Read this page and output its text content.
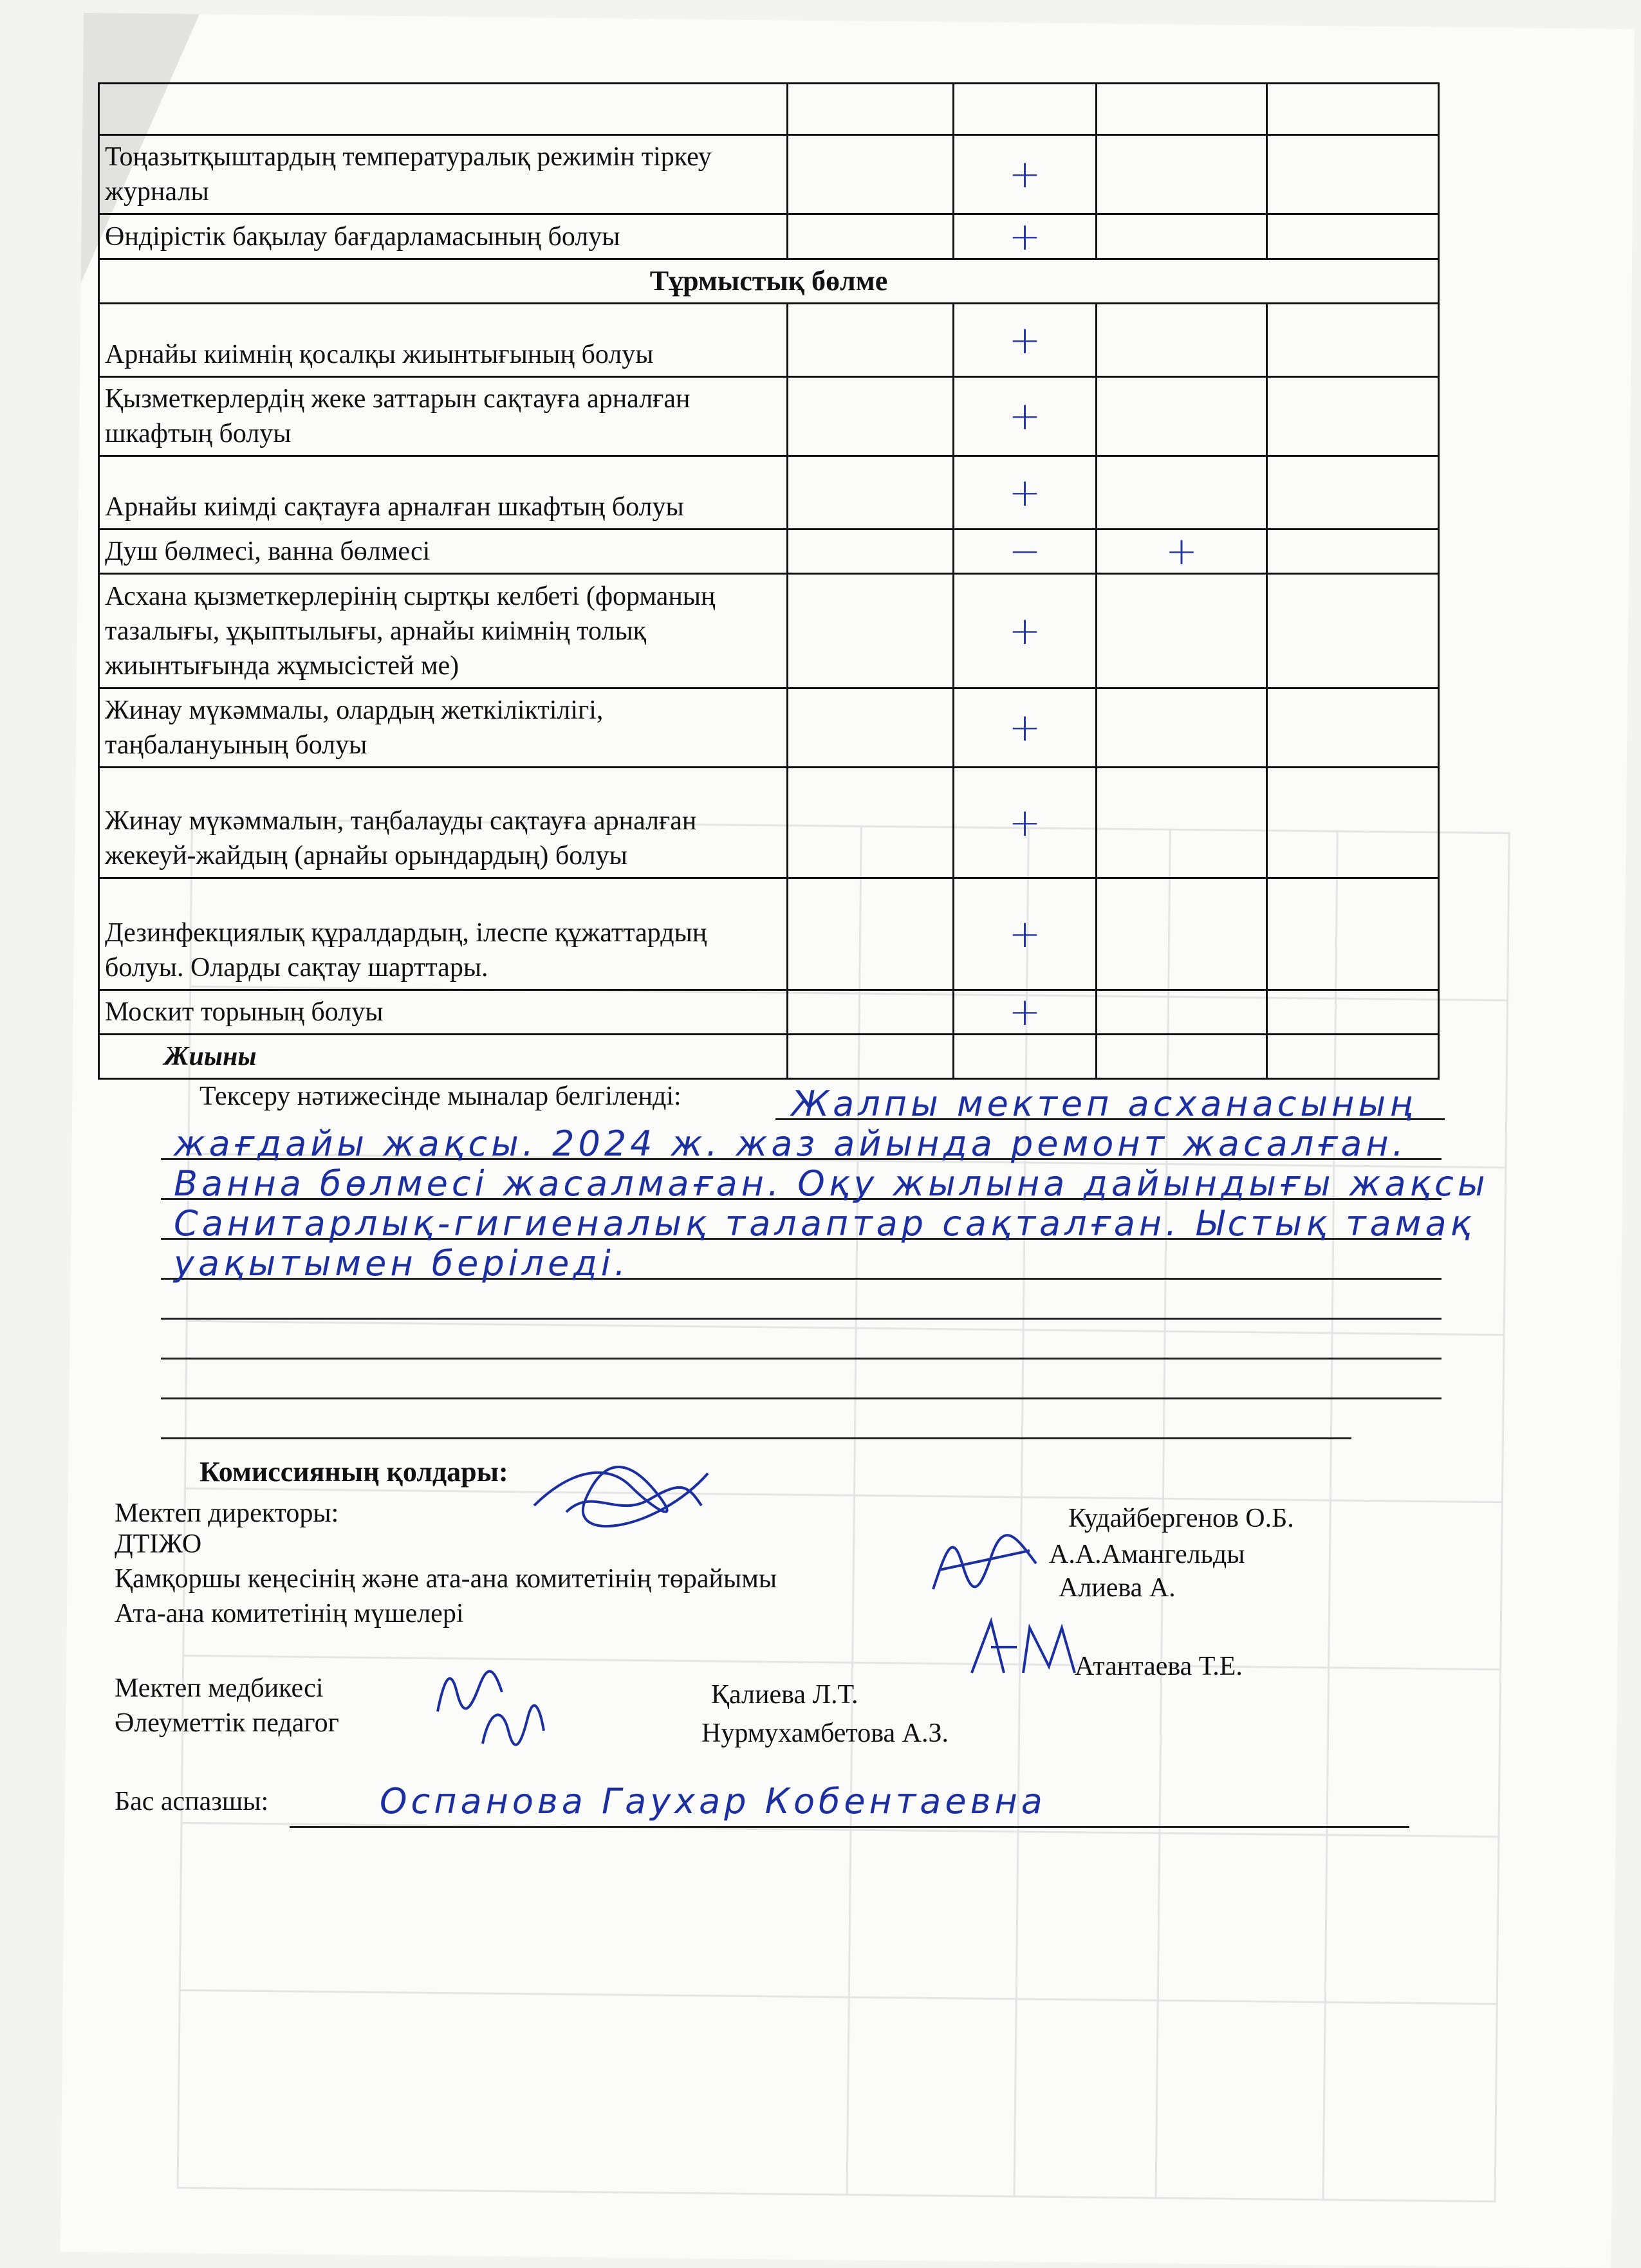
Тоңазытқыштардың температуралық режимін тіркеу журналы		+		
Өндірістік бақылау бағдарламасының болуы		+		
Тұрмыстық бөлме				
Арнайы киімнің қосалқы жиынтығының болуы		+		
Қызметкерлердің жеке заттарын сақтауға арналған шкафтың болуы		+		
Арнайы киімді сақтауға арналған шкафтың болуы		+		
Душ бөлмесі, ванна бөлмесі		−	+	
Асхана қызметкерлерінің сыртқы келбеті (форманың тазалығы, ұқыптылығы, арнайы киімнің толық жиынтығында жұмысістей ме)		+		
Жинау мүкәммалы, олардың жеткіліктілігі, таңбалануының болуы		+		
Жинау мүкәммалын, таңбалауды сақтауға арналған жекеуй-жайдың (арнайы орындардың) болуы		+		
Дезинфекциялық құралдардың, ілеспе құжаттардың болуы. Оларды сақтау шарттары.		+		
Москит торының болуы		+		
Жиыны				
Тексеру нәтижесінде мыналар белгіленді:	Жалпы мектеп асханасының
жағдайы жақсы. 2024 ж. жаз айында ремонт жасалған.
Ванна бөлмесі жасалмаған. Оқу жылына дайындығы жақсы
Санитарлық-гигиеналық талаптар сақталған. Ыстық тамақ
уақытымен беріледі.
Комиссияның қолдары:
Мектеп директоры:	Кудайбергенов О.Б.
ДТІЖО	А.А.Амангельды
Қамқоршы кеңесінің және ата-ана комитетінің төрайымы	Алиева А.
Ата-ана комитетінің мүшелері
Атантаева Т.Е.
Мектеп медбикесі	Қалиева Л.Т.
Әлеуметтік педагог	Нурмухамбетова А.З.
Бас аспазшы:	Оспанова Гаухар Кобентаевна
